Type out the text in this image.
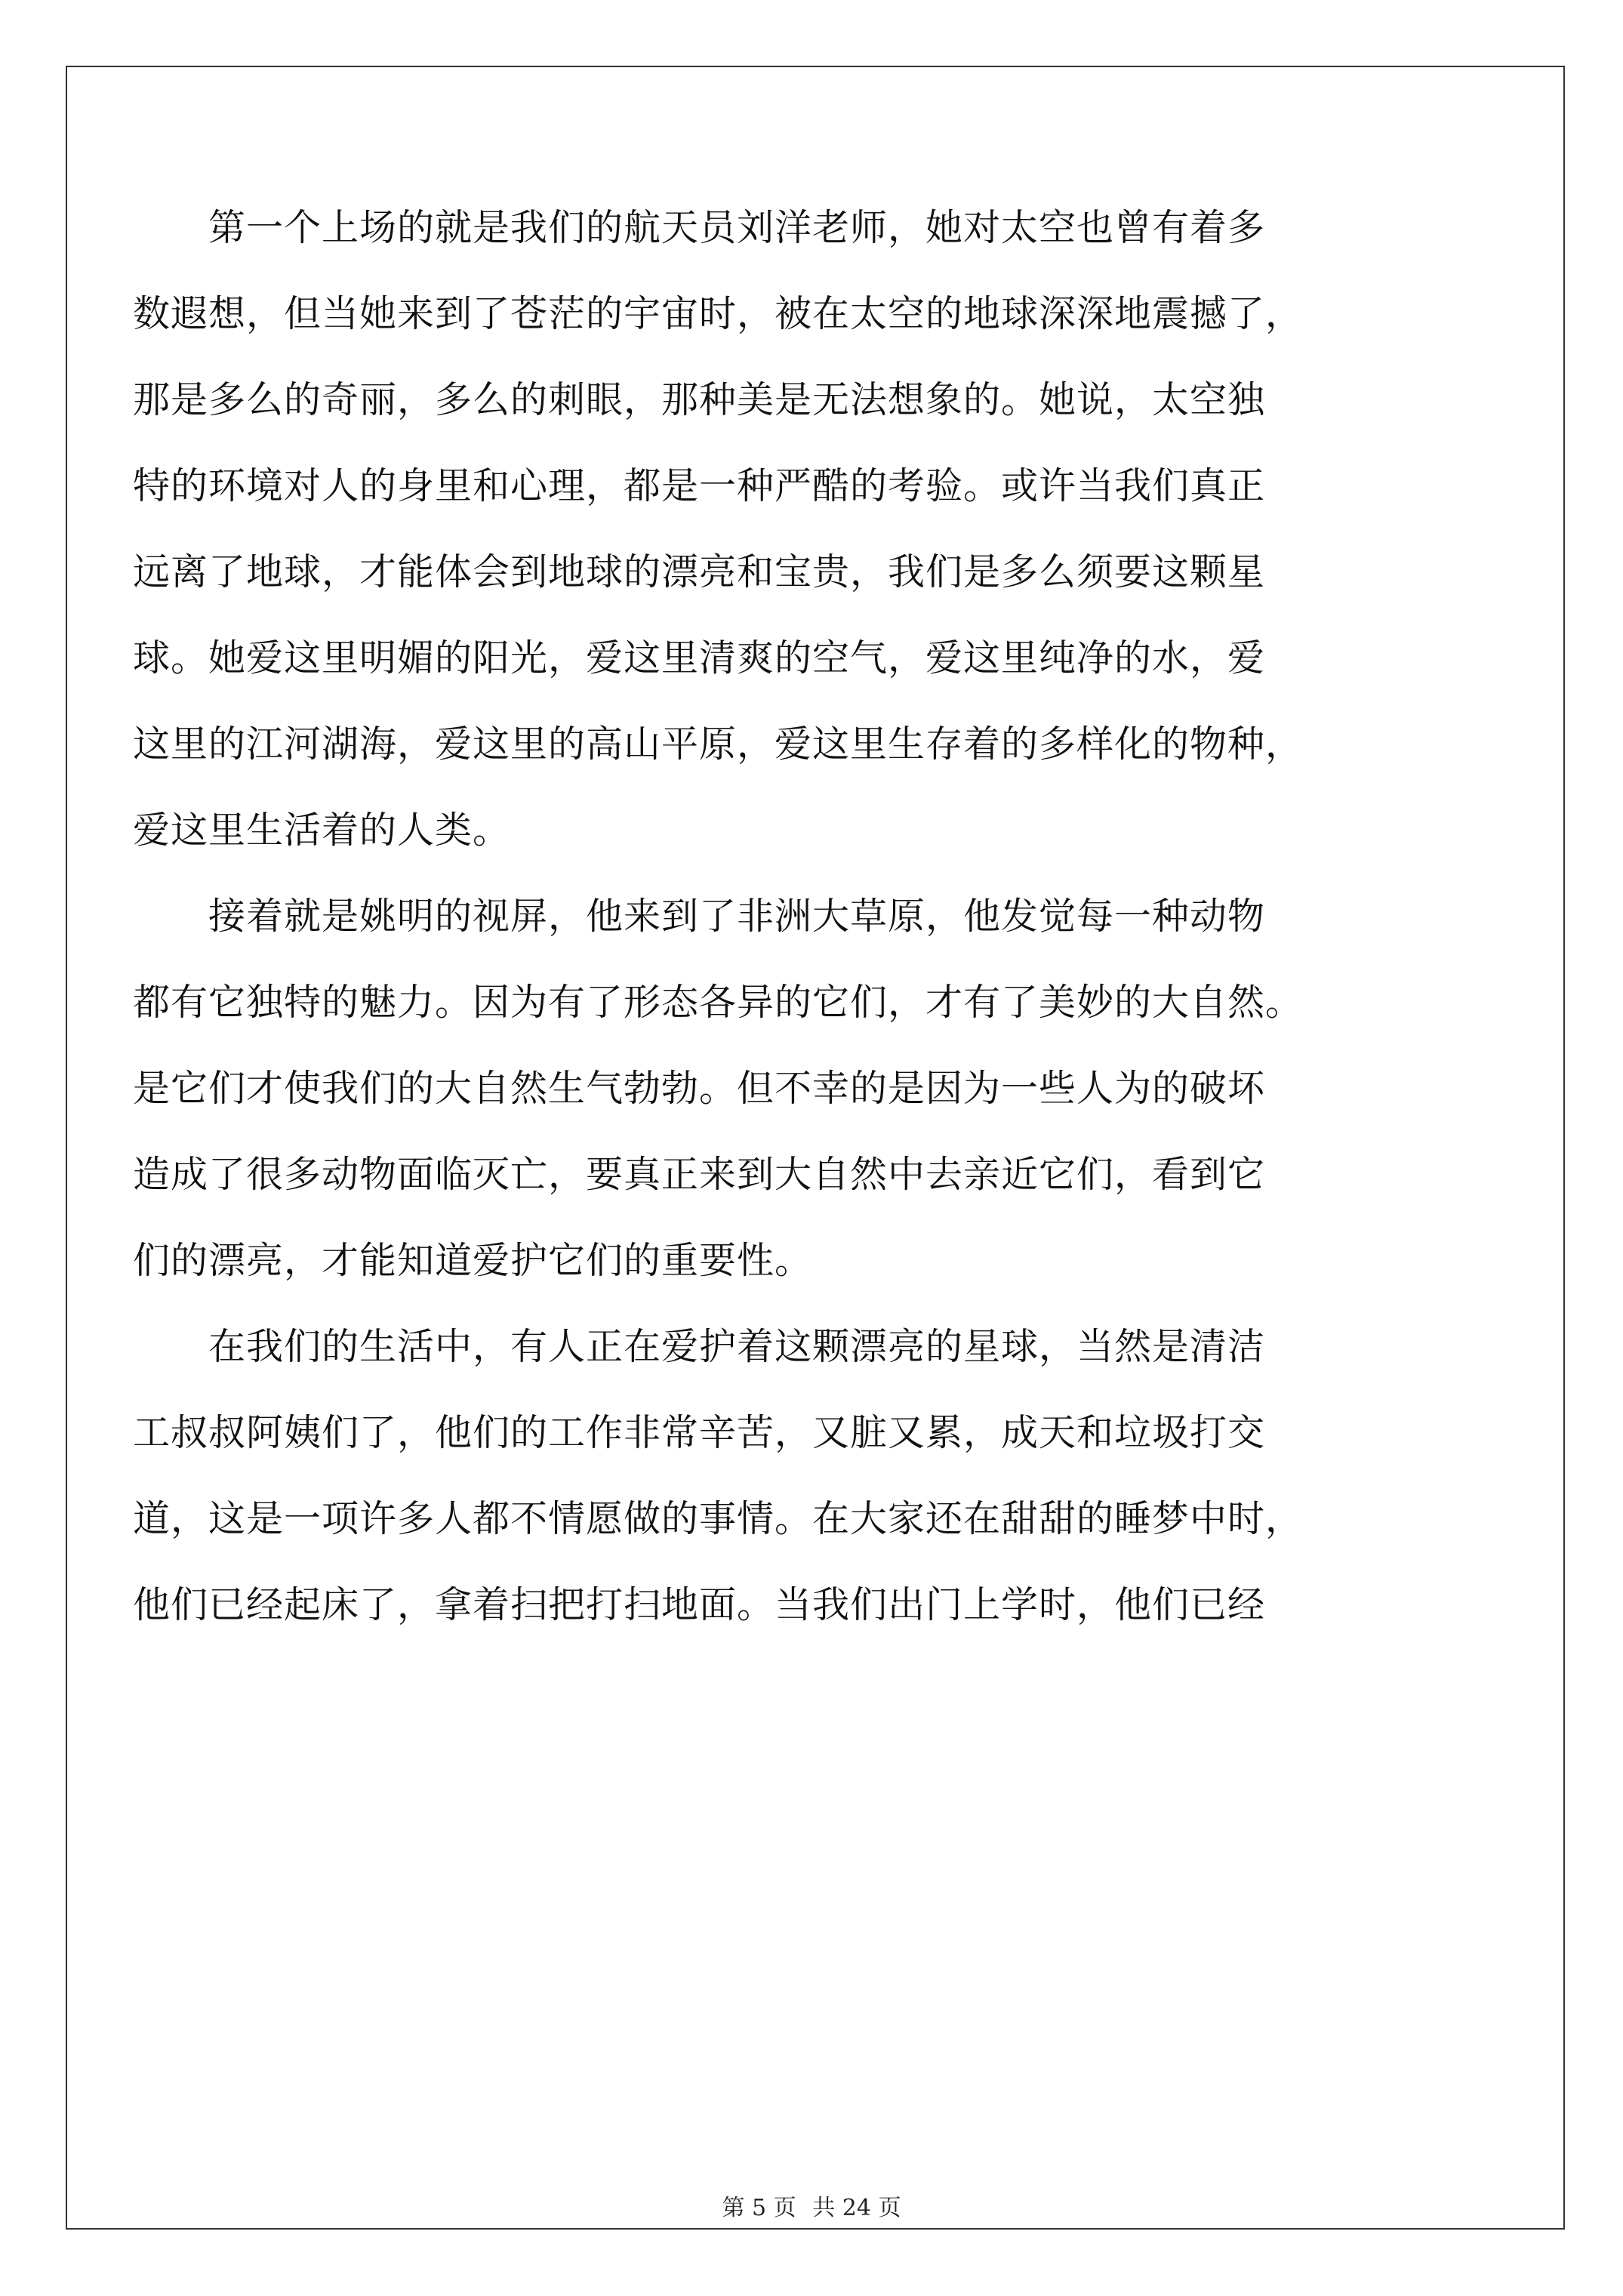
第一个上场的就是我们的航天员刘洋老师，她对太空也曾有着多
数遐想，但当她来到了苍茫的宇宙时，被在太空的地球深深地震撼了，
那是多么的奇丽，多么的刺眼，那种美是无法想象的。她说，太空独
特的环境对人的身里和心理，都是一种严酷的考验。或许当我们真正
远离了地球，才能体会到地球的漂亮和宝贵，我们是多么须要这颗星
球。她爱这里明媚的阳光，爱这里清爽的空气，爱这里纯净的水，爱
这里的江河湖海，爱这里的高山平原，爱这里生存着的多样化的物种，
爱这里生活着的人类。

接着就是姚明的视屏，他来到了非洲大草原，他发觉每一种动物
都有它独特的魅力。因为有了形态各异的它们，才有了美妙的大自然。
是它们才使我们的大自然生气勃勃。但不幸的是因为一些人为的破坏
造成了很多动物面临灭亡，要真正来到大自然中去亲近它们，看到它
们的漂亮，才能知道爱护它们的重要性。

在我们的生活中，有人正在爱护着这颗漂亮的星球，当然是清洁
工叔叔阿姨们了，他们的工作非常辛苦，又脏又累，成天和垃圾打交
道，这是一项许多人都不情愿做的事情。在大家还在甜甜的睡梦中时，
他们已经起床了，拿着扫把打扫地面。当我们出门上学时，他们已经

第 5 页 共 24 页
